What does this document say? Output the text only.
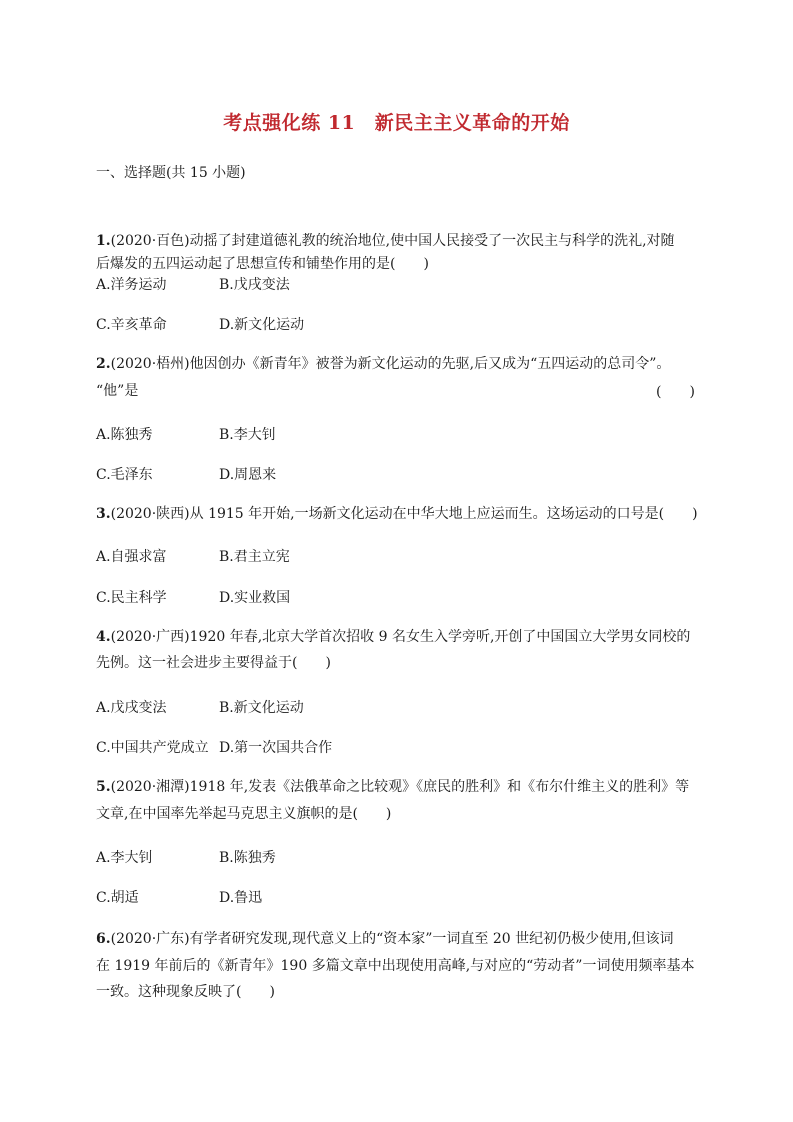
考点强化练 11　新民主主义革命的开始
一、选择题(共 15 小题)
1.(2020·百色)动摇了封建道德礼教的统治地位,使中国人民接受了一次民主与科学的洗礼,对随
后爆发的五四运动起了思想宣传和铺垫作用的是(　　)
A.洋务运动	B.戊戌变法
C.辛亥革命	D.新文化运动
2.(2020·梧州)他因创办《新青年》被誉为新文化运动的先驱,后又成为“五四运动的总司令”。
“他”是	(　　)
A.陈独秀	B.李大钊
C.毛泽东	D.周恩来
3.(2020·陕西)从 1915 年开始,一场新文化运动在中华大地上应运而生。这场运动的口号是(　　)
A.自强求富	B.君主立宪
C.民主科学	D.实业救国
4.(2020·广西)1920 年春,北京大学首次招收 9 名女生入学旁听,开创了中国国立大学男女同校的
先例。这一社会进步主要得益于(　　)
A.戊戌变法	B.新文化运动
C.中国共产党成立 D.第一次国共合作
5.(2020·湘潭)1918 年,发表《法俄革命之比较观》《庶民的胜利》和《布尔什维主义的胜利》等
文章,在中国率先举起马克思主义旗帜的是(　　)
A.李大钊	B.陈独秀
C.胡适	D.鲁迅
6.(2020·广东)有学者研究发现,现代意义上的“资本家”一词直至 20 世纪初仍极少使用,但该词
在 1919 年前后的《新青年》190 多篇文章中出现使用高峰,与对应的“劳动者”一词使用频率基本
一致。这种现象反映了(　　)
